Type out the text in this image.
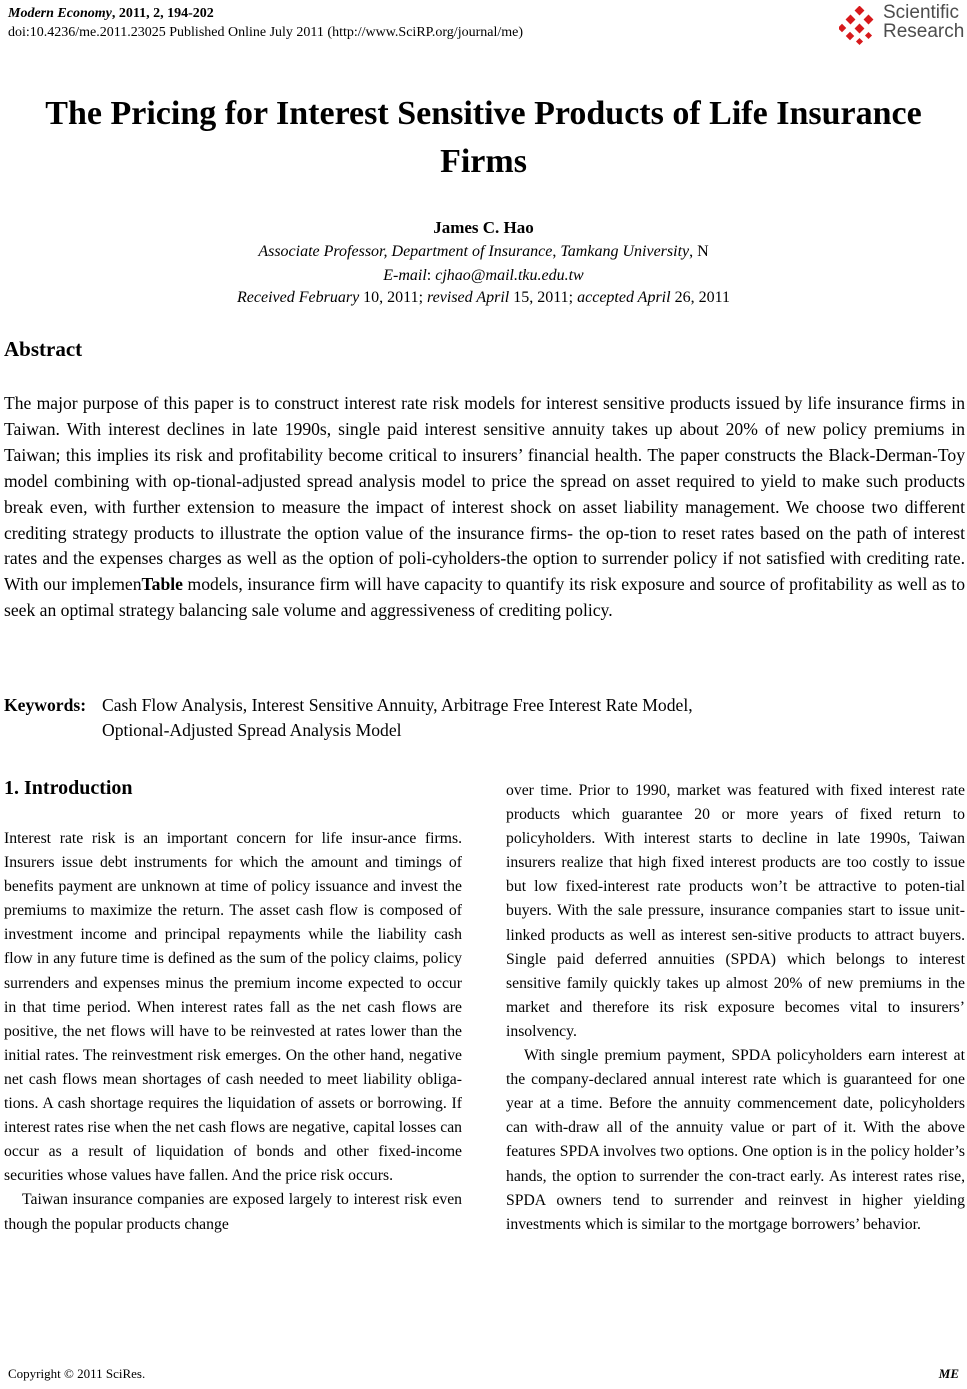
Modern Economy, 2011, 2, 194-202
doi:10.4236/me.2011.23025 Published Online July 2011 (http://www.SciRP.org/journal/me)
Scientific
Research
The Pricing for Interest Sensitive Products of Life Insurance Firms
James C. Hao
Associate Professor, Department of Insurance, Tamkang University, N
E-mail: cjhao@mail.tku.edu.tw
Received February 10, 2011; revised April 15, 2011; accepted April 26, 2011
Abstract
The major purpose of this paper is to construct interest rate risk models for interest sensitive products issued by life insurance firms in Taiwan. With interest declines in late 1990s, single paid interest sensitive annuity takes up about 20% of new policy premiums in Taiwan; this implies its risk and profitability become critical to insurers’ financial health. The paper constructs the Black-Derman-Toy model combining with op-tional-adjusted spread analysis model to price the spread on asset required to yield to make such products break even, with further extension to measure the impact of interest shock on asset liability management. We choose two different crediting strategy products to illustrate the option value of the insurance firms- the op-tion to reset rates based on the path of interest rates and the expenses charges as well as the option of poli-cyholders-the option to surrender policy if not satisfied with crediting rate. With our implemenTable models, insurance firm will have capacity to quantify its risk exposure and source of profitability as well as to seek an optimal strategy balancing sale volume and aggressiveness of crediting policy.
Keywords: Cash Flow Analysis, Interest Sensitive Annuity, Arbitrage Free Interest Rate Model,
Optional-Adjusted Spread Analysis Model
1. Introduction

Interest rate risk is an important concern for life insur-ance firms. Insurers issue debt instruments for which the amount and timings of benefits payment are unknown at time of policy issuance and invest the premiums to maximize the return. The asset cash flow is composed of investment income and principal repayments while the liability cash flow in any future time is defined as the sum of the policy claims, policy surrenders and expenses minus the premium income expected to occur in that time period. When interest rates fall as the net cash flows are positive, the net flows will have to be reinvested at rates lower than the initial rates. The reinvestment risk emerges. On the other hand, negative net cash flows mean shortages of cash needed to meet liability obliga-tions. A cash shortage requires the liquidation of assets or borrowing. If interest rates rise when the net cash flows are negative, capital losses can occur as a result of liquidation of bonds and other fixed-income securities whose values have fallen. And the price risk occurs.

Taiwan insurance companies are exposed largely to interest risk even though the popular products change

over time. Prior to 1990, market was featured with fixed interest rate products which guarantee 20 or more years of fixed return to policyholders. With interest starts to decline in late 1990s, Taiwan insurers realize that high fixed interest products are too costly to issue but low fixed-interest rate products won’t be attractive to poten-tial buyers. With the sale pressure, insurance companies start to issue unit-linked products as well as interest sen-sitive products to attract buyers. Single paid deferred annuities (SPDA) which belongs to interest sensitive family quickly takes up almost 20% of new premiums in the market and therefore its risk exposure becomes vital to insurers’ insolvency.

With single premium payment, SPDA policyholders earn interest at the company-declared annual interest rate which is guaranteed for one year at a time. Before the annuity commencement date, policyholders can with-draw all of the annuity value or part of it. With the above features SPDA involves two options. One option is in the policy holder’s hands, the option to surrender the con-tract early. As interest rates rise, SPDA owners tend to surrender and reinvest in higher yielding investments which is similar to the mortgage borrowers’ behavior.

Copyright © 2011 SciRes.	ME
